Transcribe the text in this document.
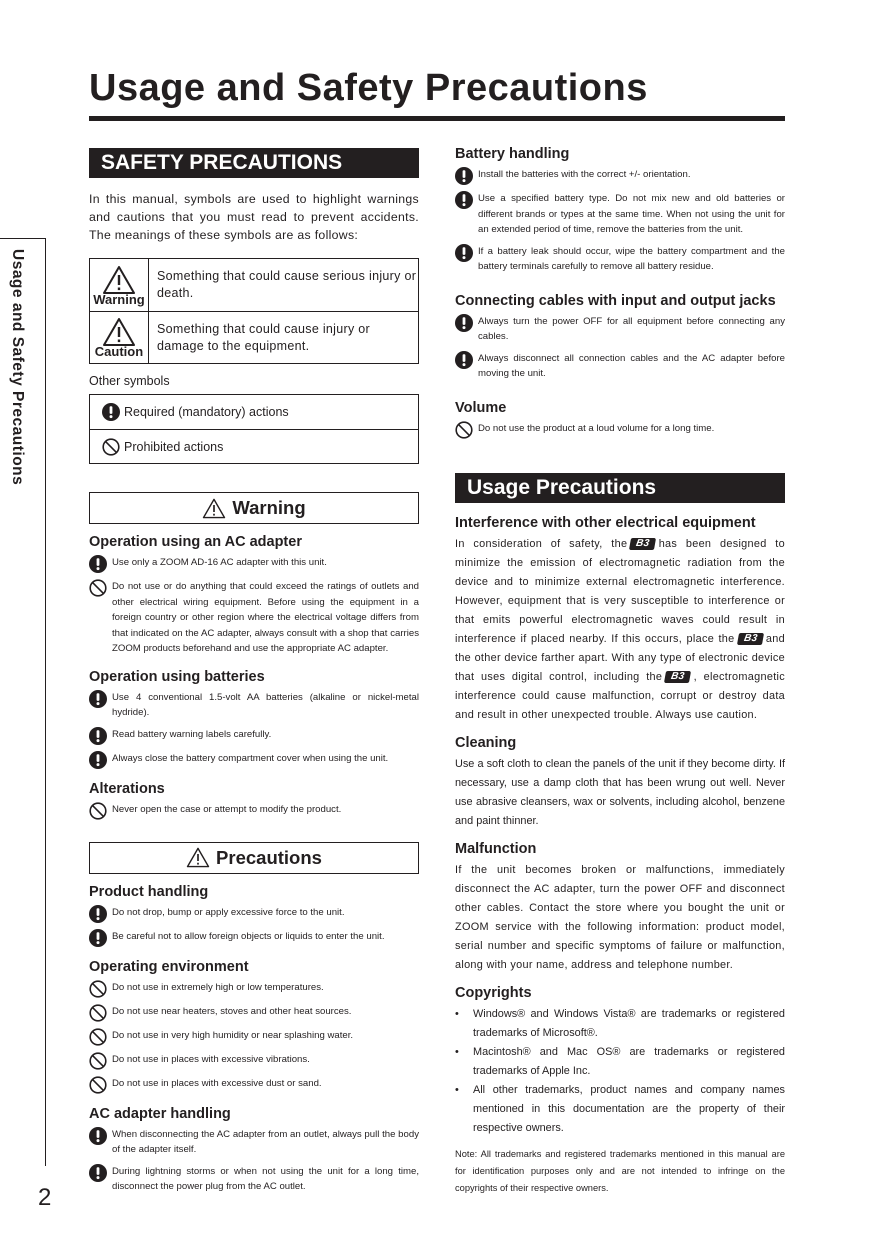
Usage and Safety Precautions
Usage and Safety Precautions
2
SAFETY PRECAUTIONS

In this manual, symbols are used to highlight warnings and cautions that you must read to prevent accidents. The meanings of these symbols are as follows:

Warning
Something that could cause serious injury or death.
Caution
Something that could cause injury or damage to the equipment.
Other symbols
Required (mandatory) actions
Prohibited actions
Warning
Operation using an AC adapter
Use only a ZOOM AD-16 AC adapter with this unit.
Do not use or do anything that could exceed the ratings of outlets and other electrical wiring equipment. Before using the equipment in a foreign country or other region where the electrical voltage differs from that indicated on the AC adapter, always consult with a shop that carries ZOOM products beforehand and use the appropriate AC adapter.
Operation using batteries
Use 4 conventional 1.5-volt AA batteries (alkaline or nickel-metal hydride).
Read battery warning labels carefully.
Always close the battery compartment cover when using the unit.
Alterations
Never open the case or attempt to modify the product.
Precautions
Product handling
Do not drop, bump or apply excessive force to the unit.
Be careful not to allow foreign objects or liquids to enter the unit.
Operating environment
Do not use in extremely high or low temperatures.
Do not use near heaters, stoves and other heat sources.
Do not use in very high humidity or near splashing water.
Do not use in places with excessive vibrations.
Do not use in places with excessive dust or sand.
AC adapter handling
When disconnecting the AC adapter from an outlet, always pull the body of the adapter itself.
During lightning storms or when not using the unit for a long time, disconnect the power plug from the AC outlet.
Battery handling
Install the batteries with the correct +/- orientation.
Use a specified battery type. Do not mix new and old batteries or different brands or types at the same time. When not using the unit for an extended period of time, remove the batteries from the unit.
If a battery leak should occur, wipe the battery compartment and the battery terminals carefully to remove all battery residue.
Connecting cables with input and output jacks
Always turn the power OFF for all equipment before connecting any cables.
Always disconnect all connection cables and the AC adapter before moving the unit.
Volume
Do not use the product at a loud volume for a long time.
Usage Precautions
Interference with other electrical equipment

In consideration of safety, the B3 has been designed to minimize the emission of electromagnetic radiation from the device and to minimize external electromagnetic interference. However, equipment that is very susceptible to interference or that emits powerful electromagnetic waves could result in interference if placed nearby. If this occurs, place the B3 and the other device farther apart. With any type of electronic device that uses digital control, including the B3 , electromagnetic interference could cause malfunction, corrupt or destroy data and result in other unexpected trouble. Always use caution.

Cleaning

Use a soft cloth to clean the panels of the unit if they become dirty. If necessary, use a damp cloth that has been wrung out well. Never use abrasive cleansers, wax or solvents, including alcohol, benzene and paint thinner.

Malfunction

If the unit becomes broken or malfunctions, immediately disconnect the AC adapter, turn the power OFF and disconnect other cables. Contact the store where you bought the unit or ZOOM service with the following information: product model, serial number and specific symptoms of failure or malfunction, along with your name, address and telephone number.

Copyrights
•	Windows® and Windows Vista® are trademarks or registered trademarks of Microsoft®.
•	Macintosh® and Mac OS® are trademarks or registered trademarks of Apple Inc.
•	All other trademarks, product names and company names mentioned in this documentation are the property of their respective owners.

Note: All trademarks and registered trademarks mentioned in this manual are for identification purposes only and are not intended to infringe on the copyrights of their respective owners.
